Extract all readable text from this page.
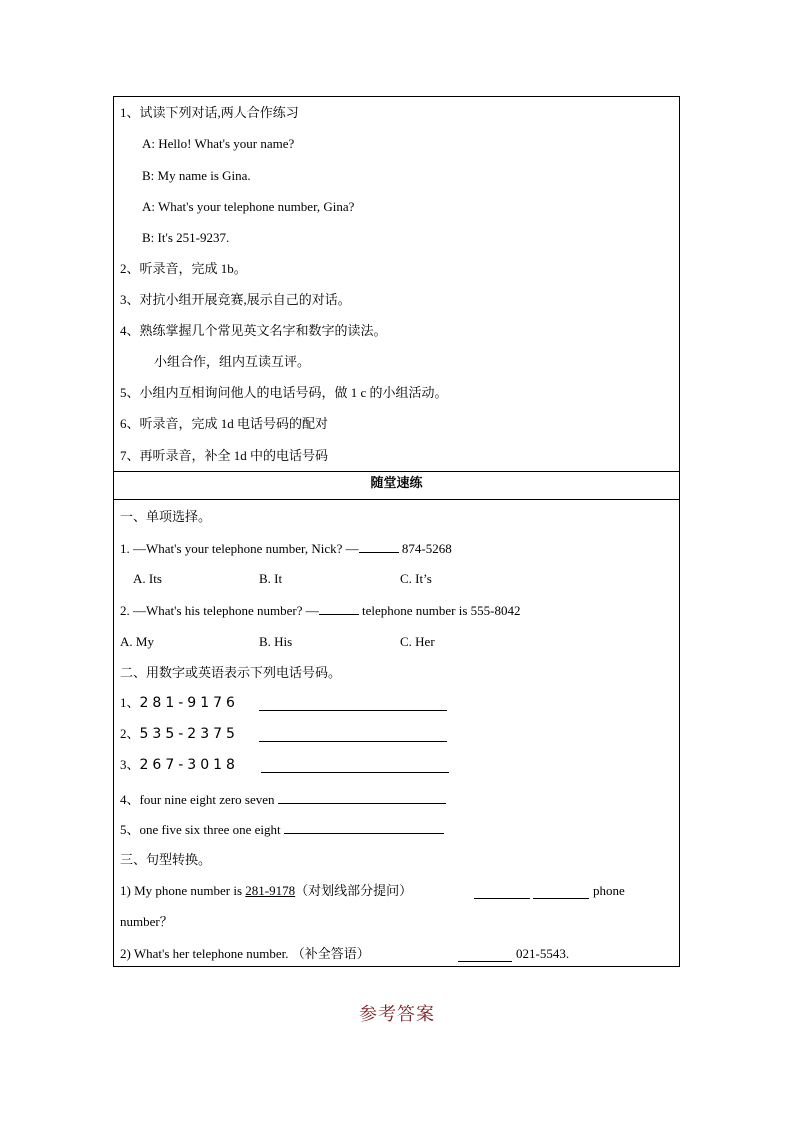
1、试读下列对话,两人合作练习
A: Hello! What's your name?
B: My name is Gina.
A: What's your telephone number, Gina?
B: It's 251-9237.
2、听录音，完成 1b。
3、对抗小组开展竞赛,展示自己的对话。
4、熟练掌握几个常见英文名字和数字的读法。
小组合作，组内互读互评。
5、小组内互相询问他人的电话号码，做 1 c 的小组活动。
6、听录音，完成 1d 电话号码的配对
7、再听录音，补全 1d 中的电话号码
随堂速练
一、单项选择。
1. —What's your telephone number, Nick? —	874-5268
A. Its	B. It	C. It’s
2. —What's his telephone number? —	telephone number is 555-8042
A. My	B. His	C. Her
二、用数字或英语表示下列电话号码。
1、281-9176
2、535-2375
3、267-3018
4、four nine eight zero seven
5、one five six three one eight
三、句型转换。
1) My phone number is 281-9178（对划线部分提问）	phone
number？
2) What's her telephone number. （补全答语）	021-5543.
参考答案
